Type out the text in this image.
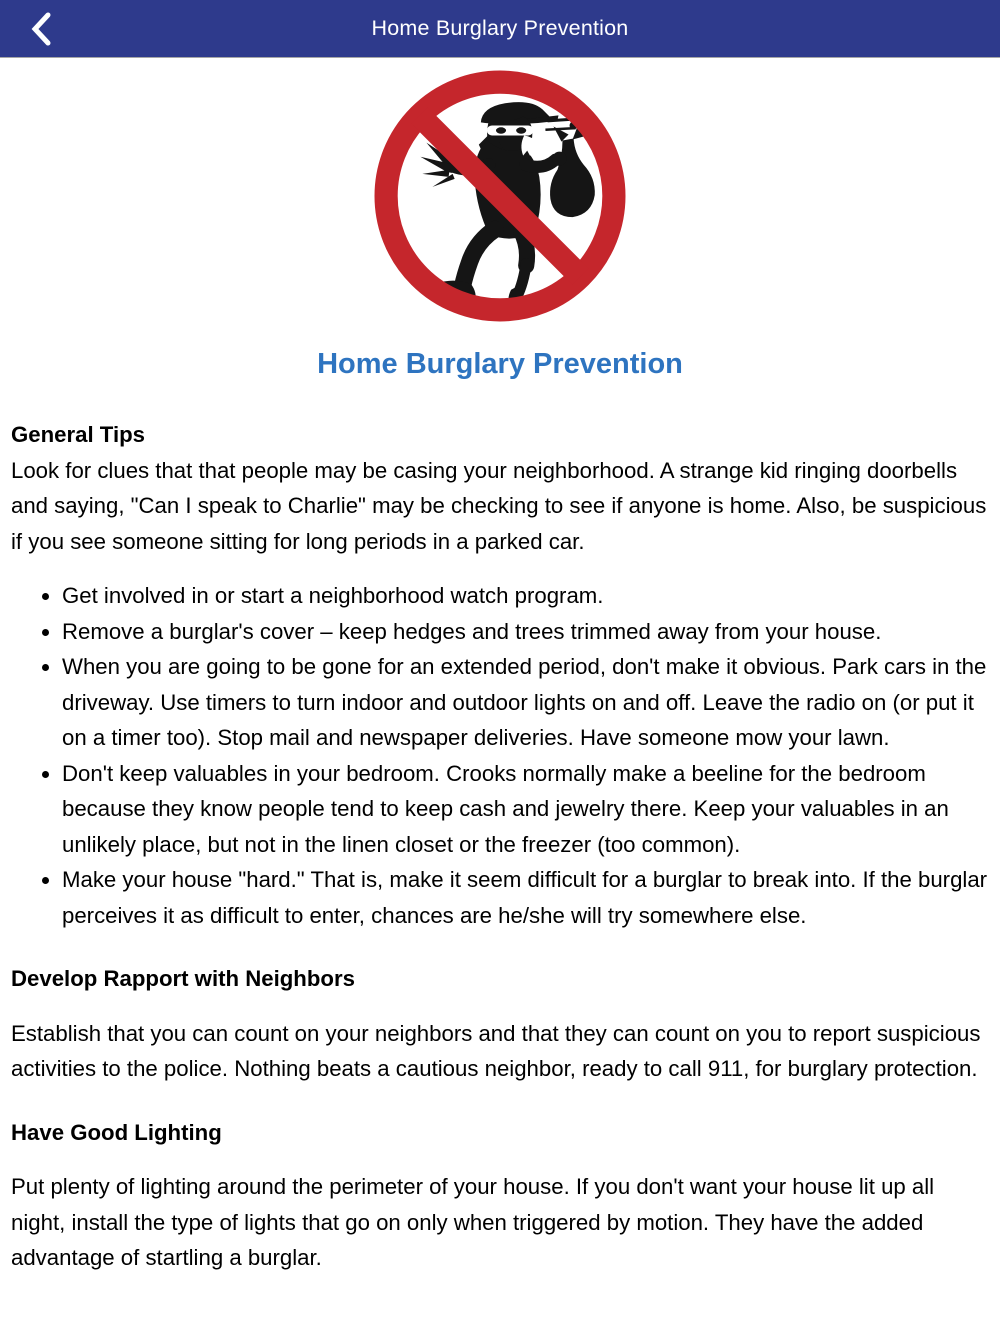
Home Burglary Prevention
Home Burglary Prevention
General Tips
Look for clues that that people may be casing your neighborhood. A strange kid ringing doorbells and saying, "Can I speak to Charlie" may be checking to see if anyone is home. Also, be suspicious if you see someone sitting for long periods in a parked car.
• Get involved in or start a neighborhood watch program.
• Remove a burglar's cover – keep hedges and trees trimmed away from your house.
• When you are going to be gone for an extended period, don't make it obvious. Park cars in the driveway. Use timers to turn indoor and outdoor lights on and off. Leave the radio on (or put it on a timer too). Stop mail and newspaper deliveries. Have someone mow your lawn.
• Don't keep valuables in your bedroom. Crooks normally make a beeline for the bedroom because they know people tend to keep cash and jewelry there. Keep your valuables in an unlikely place, but not in the linen closet or the freezer (too common).
• Make your house "hard." That is, make it seem difficult for a burglar to break into. If the burglar perceives it as difficult to enter, chances are he/she will try somewhere else.
Develop Rapport with Neighbors
Establish that you can count on your neighbors and that they can count on you to report suspicious activities to the police. Nothing beats a cautious neighbor, ready to call 911, for burglary protection.
Have Good Lighting
Put plenty of lighting around the perimeter of your house. If you don't want your house lit up all night, install the type of lights that go on only when triggered by motion. They have the added advantage of startling a burglar.
